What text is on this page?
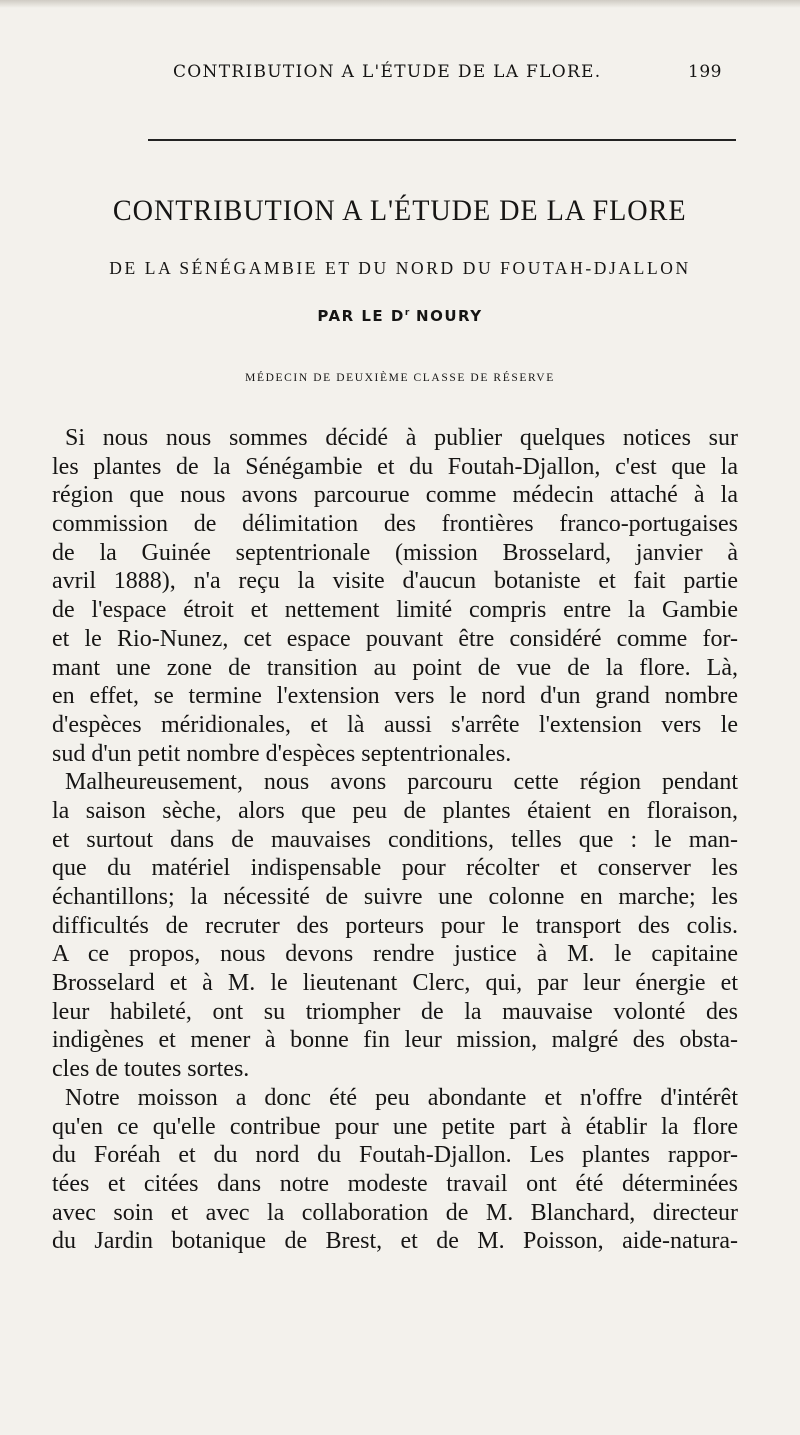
CONTRIBUTION A L'ÉTUDE DE LA FLORE.	199
CONTRIBUTION A L'ÉTUDE DE LA FLORE
DE LA SÉNÉGAMBIE ET DU NORD DU FOUTAH-DJALLON
PAR LE $D^r$ NOURY
MÉDECIN DE DEUXIÈME CLASSE DE RÉSERVE
Si nous nous sommes décidé à publier quelques notices sur
les plantes de la Sénégambie et du Foutah-Djallon, c'est que la
région que nous avons parcourue comme médecin attaché à la
commission de délimitation des frontières franco-portugaises
de la Guinée septentrionale (mission Brosselard, janvier à
avril 1888), n'a reçu la visite d'aucun botaniste et fait partie
de l'espace étroit et nettement limité compris entre la Gambie
et le Rio-Nunez, cet espace pouvant être considéré comme for-
mant une zone de transition au point de vue de la flore. Là,
en effet, se termine l'extension vers le nord d'un grand nombre
d'espèces méridionales, et là aussi s'arrête l'extension vers le
sud d'un petit nombre d'espèces septentrionales.
Malheureusement, nous avons parcouru cette région pendant
la saison sèche, alors que peu de plantes étaient en floraison,
et surtout dans de mauvaises conditions, telles que : le man-
que du matériel indispensable pour récolter et conserver les
échantillons; la nécessité de suivre une colonne en marche; les
difficultés de recruter des porteurs pour le transport des colis.
A ce propos, nous devons rendre justice à M. le capitaine
Brosselard et à M. le lieutenant Clerc, qui, par leur énergie et
leur habileté, ont su triompher de la mauvaise volonté des
indigènes et mener à bonne fin leur mission, malgré des obsta-
cles de toutes sortes.
Notre moisson a donc été peu abondante et n'offre d'intérêt
qu'en ce qu'elle contribue pour une petite part à établir la flore
du Foréah et du nord du Foutah-Djallon. Les plantes rappor-
tées et citées dans notre modeste travail ont été déterminées
avec soin et avec la collaboration de M. Blanchard, directeur
du Jardin botanique de Brest, et de M. Poisson, aide-natura-
